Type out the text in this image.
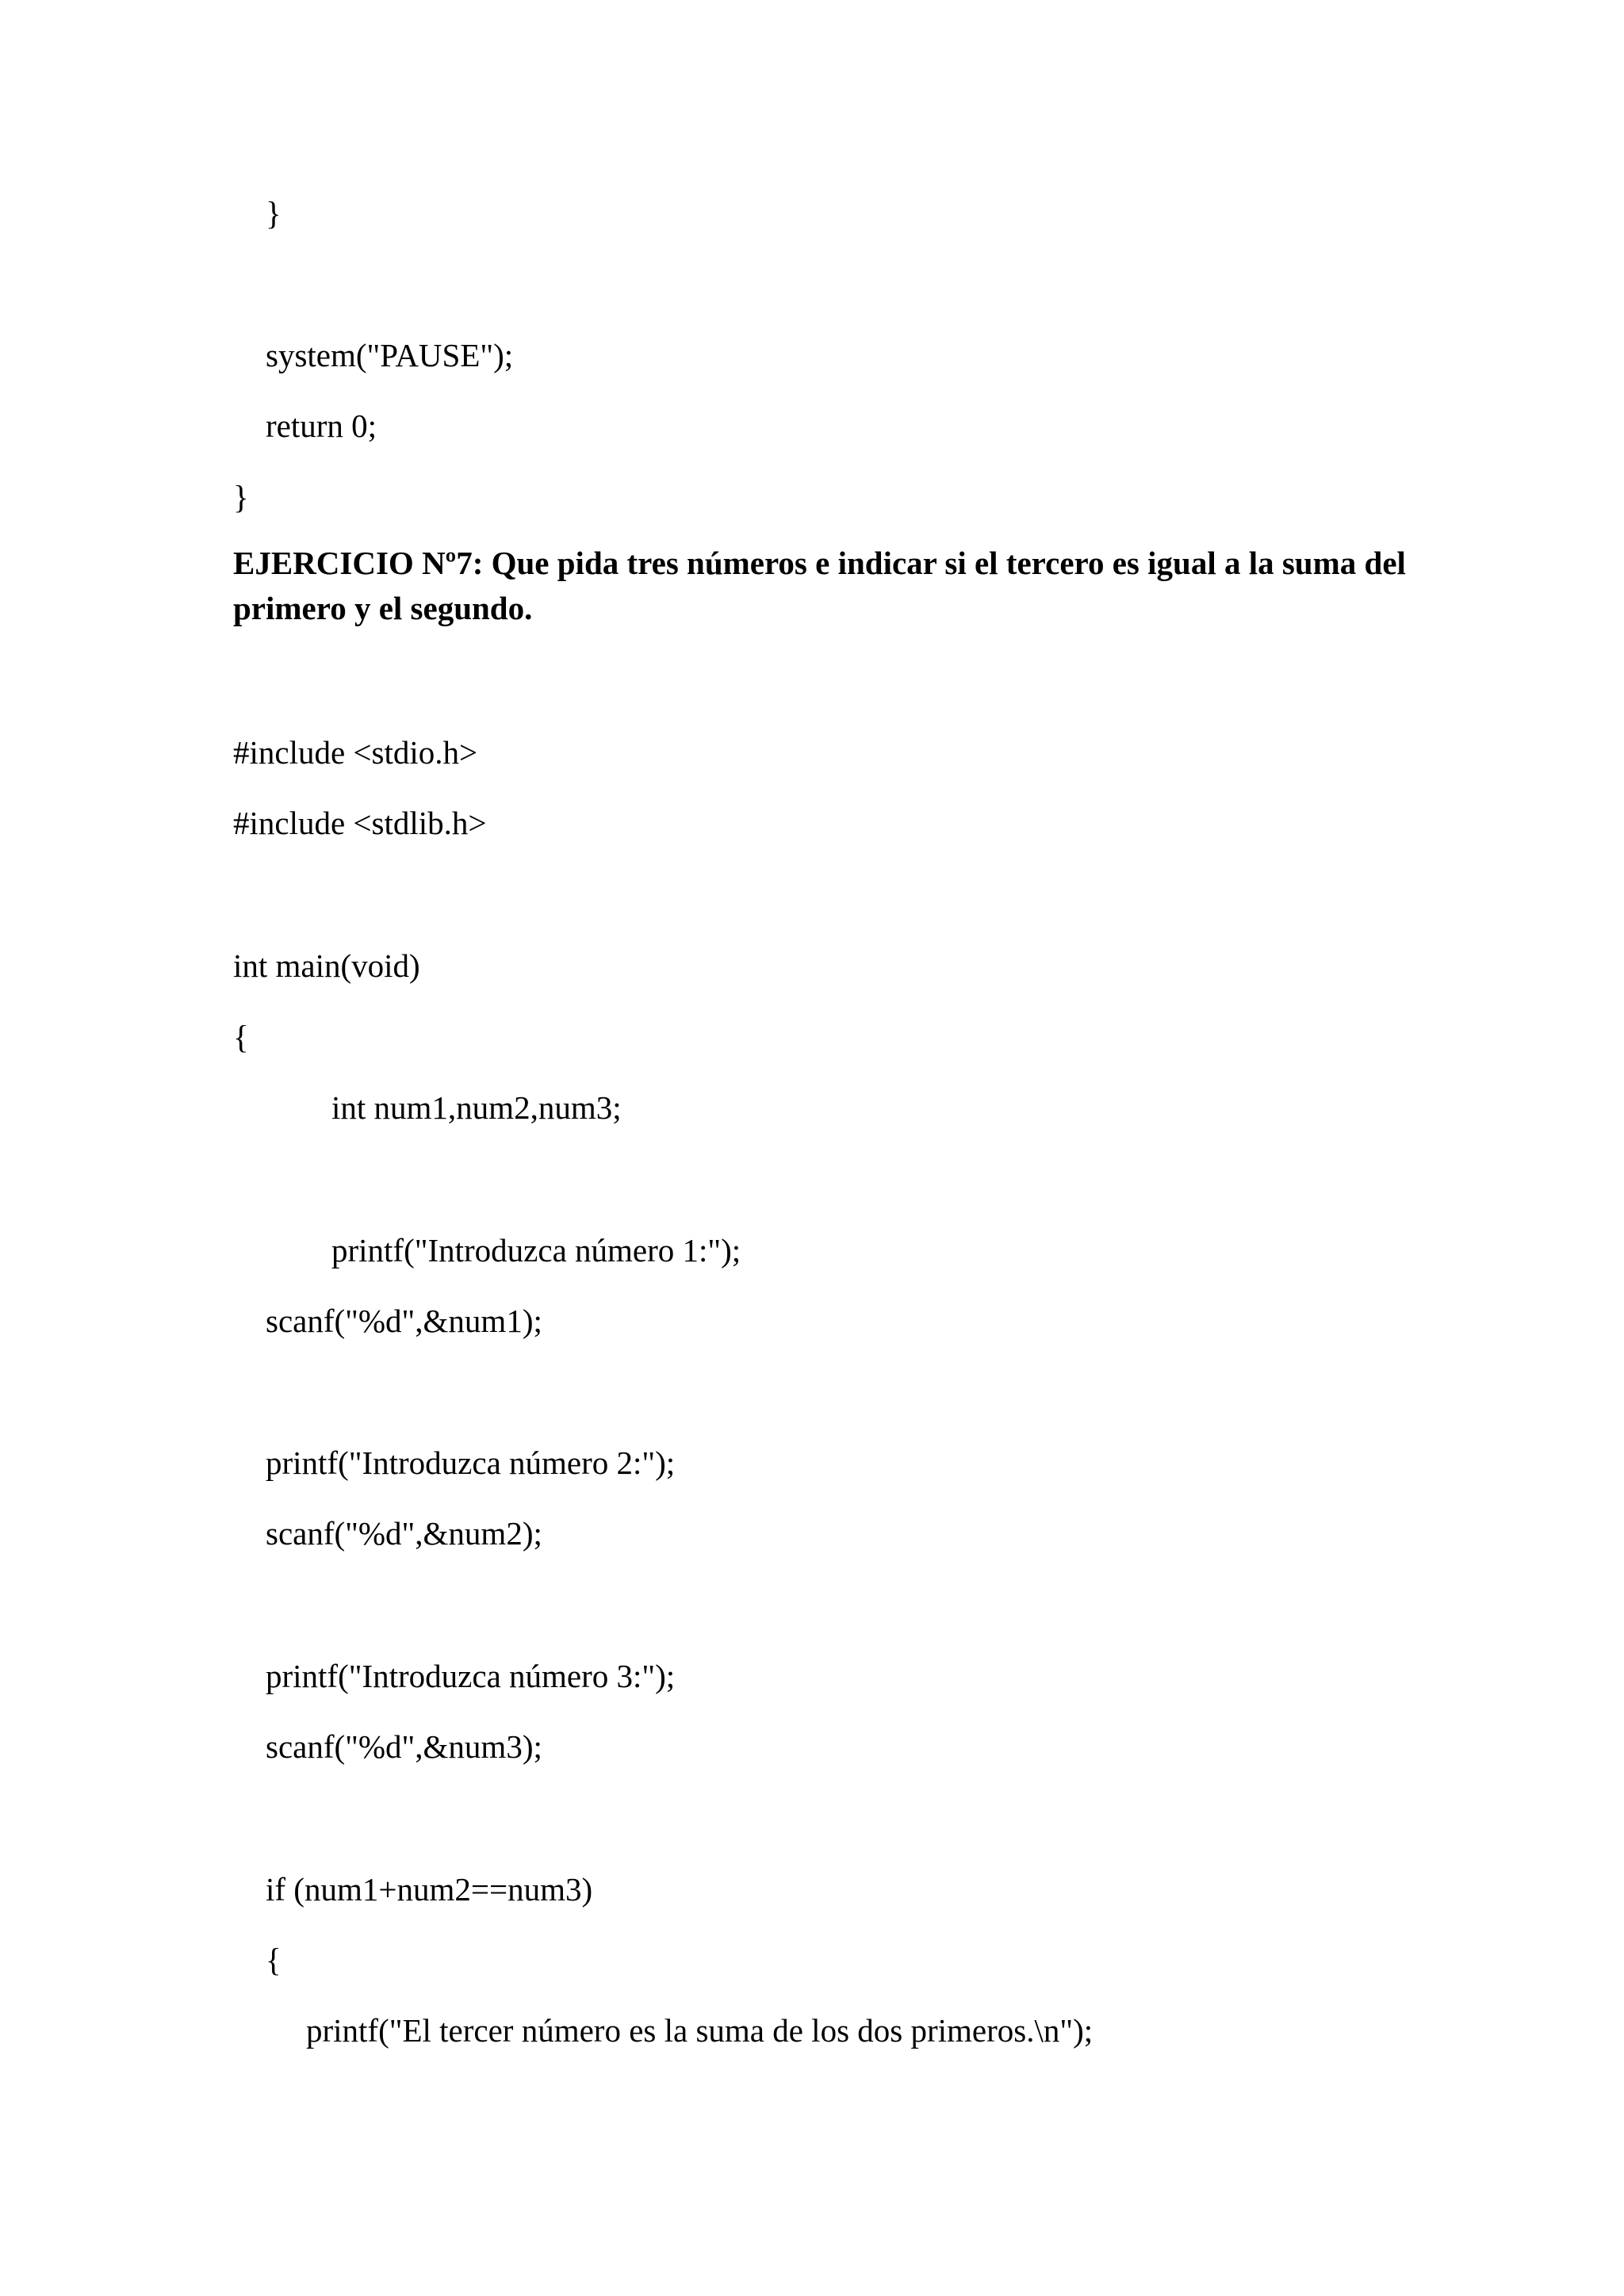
}
system("PAUSE");
return 0;
}
EJERCICIO Nº7: Que pida tres números e indicar si el tercero es igual a la suma del primero y el segundo.
#include <stdio.h>
#include <stdlib.h>
int main(void)
{
int num1,num2,num3;
printf("Introduzca número 1:");
scanf("%d",&num1);
printf("Introduzca número 2:");
scanf("%d",&num2);
printf("Introduzca número 3:");
scanf("%d",&num3);
if (num1+num2==num3)
{
printf("El tercer número es la suma de los dos primeros.\n");
